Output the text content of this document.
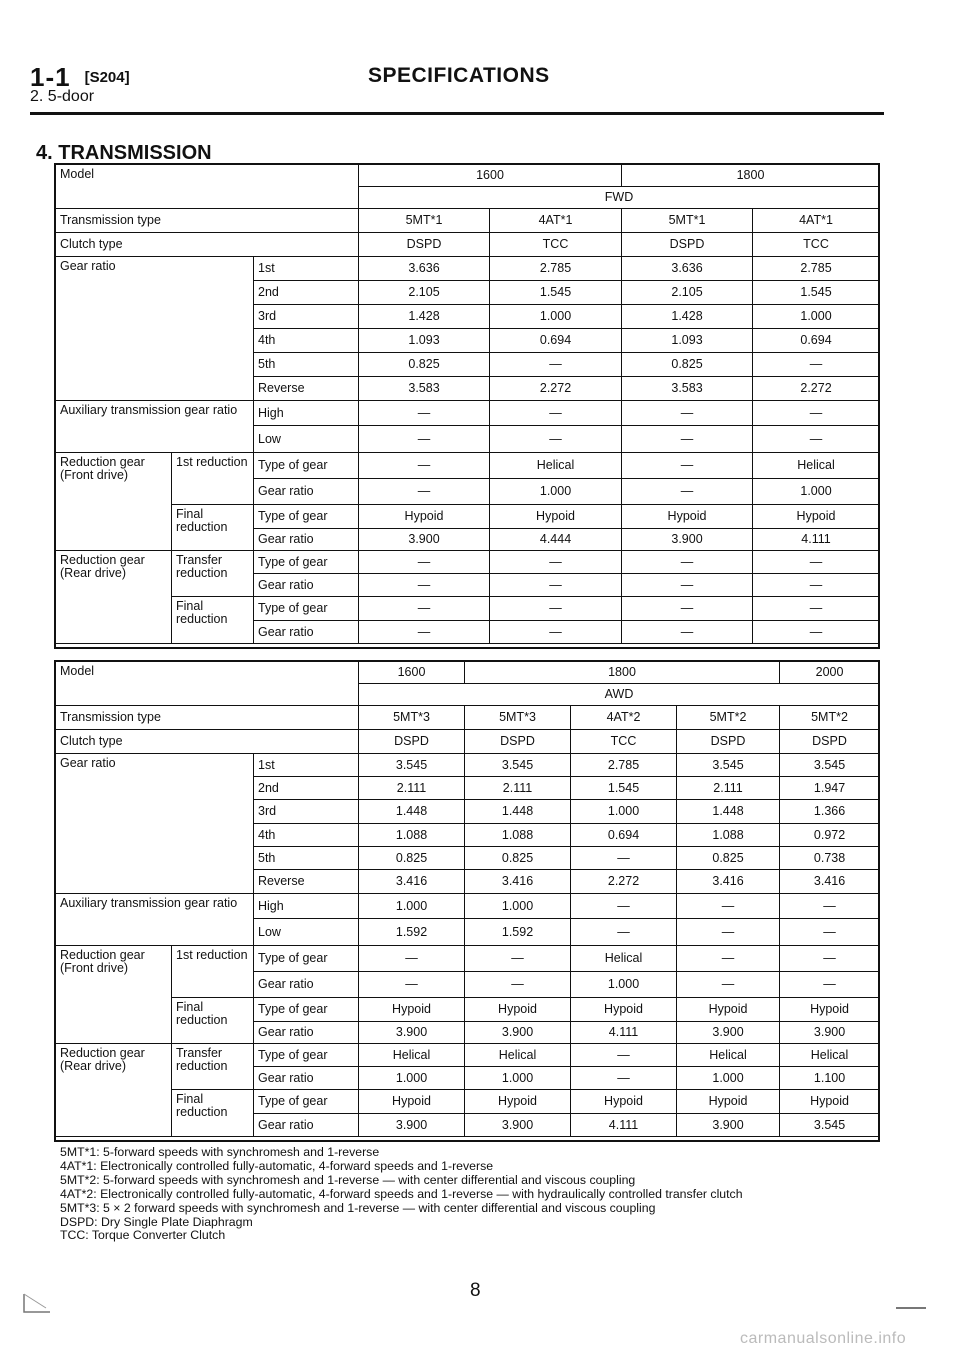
1-1 [S204]
2. 5-door
SPECIFICATIONS
4. TRANSMISSION
Model			1600		1800	
			FWD			
Transmission type			5MT*1	4AT*1	5MT*1	4AT*1
Clutch type			DSPD	TCC	DSPD	TCC
Gear ratio		1st	3.636	2.785	3.636	2.785
		2nd	2.105	1.545	2.105	1.545
		3rd	1.428	1.000	1.428	1.000
		4th	1.093	0.694	1.093	0.694
		5th	0.825	—	0.825	—
		Reverse	3.583	2.272	3.583	2.272
Auxiliary transmission gear ratio		High	—	—	—	—
		Low	—	—	—	—
Reduction gear (Front drive)	1st reduction	Type of gear	—	Helical	—	Helical
		Gear ratio	—	1.000	—	1.000
	Final reduction	Type of gear	Hypoid	Hypoid	Hypoid	Hypoid
		Gear ratio	3.900	4.444	3.900	4.111
Reduction gear (Rear drive)	Transfer reduction	Type of gear	—	—	—	—
		Gear ratio	—	—	—	—
	Final reduction	Type of gear	—	—	—	—
		Gear ratio	—	—	—	—
Model			1600	1800			2000
			AWD				
Transmission type			5MT*3	5MT*3	4AT*2	5MT*2	5MT*2
Clutch type			DSPD	DSPD	TCC	DSPD	DSPD
Gear ratio		1st	3.545	3.545	2.785	3.545	3.545
		2nd	2.111	2.111	1.545	2.111	1.947
		3rd	1.448	1.448	1.000	1.448	1.366
		4th	1.088	1.088	0.694	1.088	0.972
		5th	0.825	0.825	—	0.825	0.738
		Reverse	3.416	3.416	2.272	3.416	3.416
Auxiliary transmission gear ratio		High	1.000	1.000	—	—	—
		Low	1.592	1.592	—	—	—
Reduction gear (Front drive)	1st reduction	Type of gear	—	—	Helical	—	—
		Gear ratio	—	—	1.000	—	—
	Final reduction	Type of gear	Hypoid	Hypoid	Hypoid	Hypoid	Hypoid
		Gear ratio	3.900	3.900	4.111	3.900	3.900
Reduction gear (Rear drive)	Transfer reduction	Type of gear	Helical	Helical	—	Helical	Helical
		Gear ratio	1.000	1.000	—	1.000	1.100
	Final reduction	Type of gear	Hypoid	Hypoid	Hypoid	Hypoid	Hypoid
		Gear ratio	3.900	3.900	4.111	3.900	3.545
5MT*1: 5-forward speeds with synchromesh and 1-reverse
4AT*1: Electronically controlled fully-automatic, 4-forward speeds and 1-reverse
5MT*2: 5-forward speeds with synchromesh and 1-reverse — with center differential and viscous coupling
4AT*2: Electronically controlled fully-automatic, 4-forward speeds and 1-reverse — with hydraulically controlled transfer clutch
5MT*3: 5 × 2 forward speeds with synchromesh and 1-reverse — with center differential and viscous coupling
DSPD: Dry Single Plate Diaphragm
TCC: Torque Converter Clutch
8
carmanualsonline.info
